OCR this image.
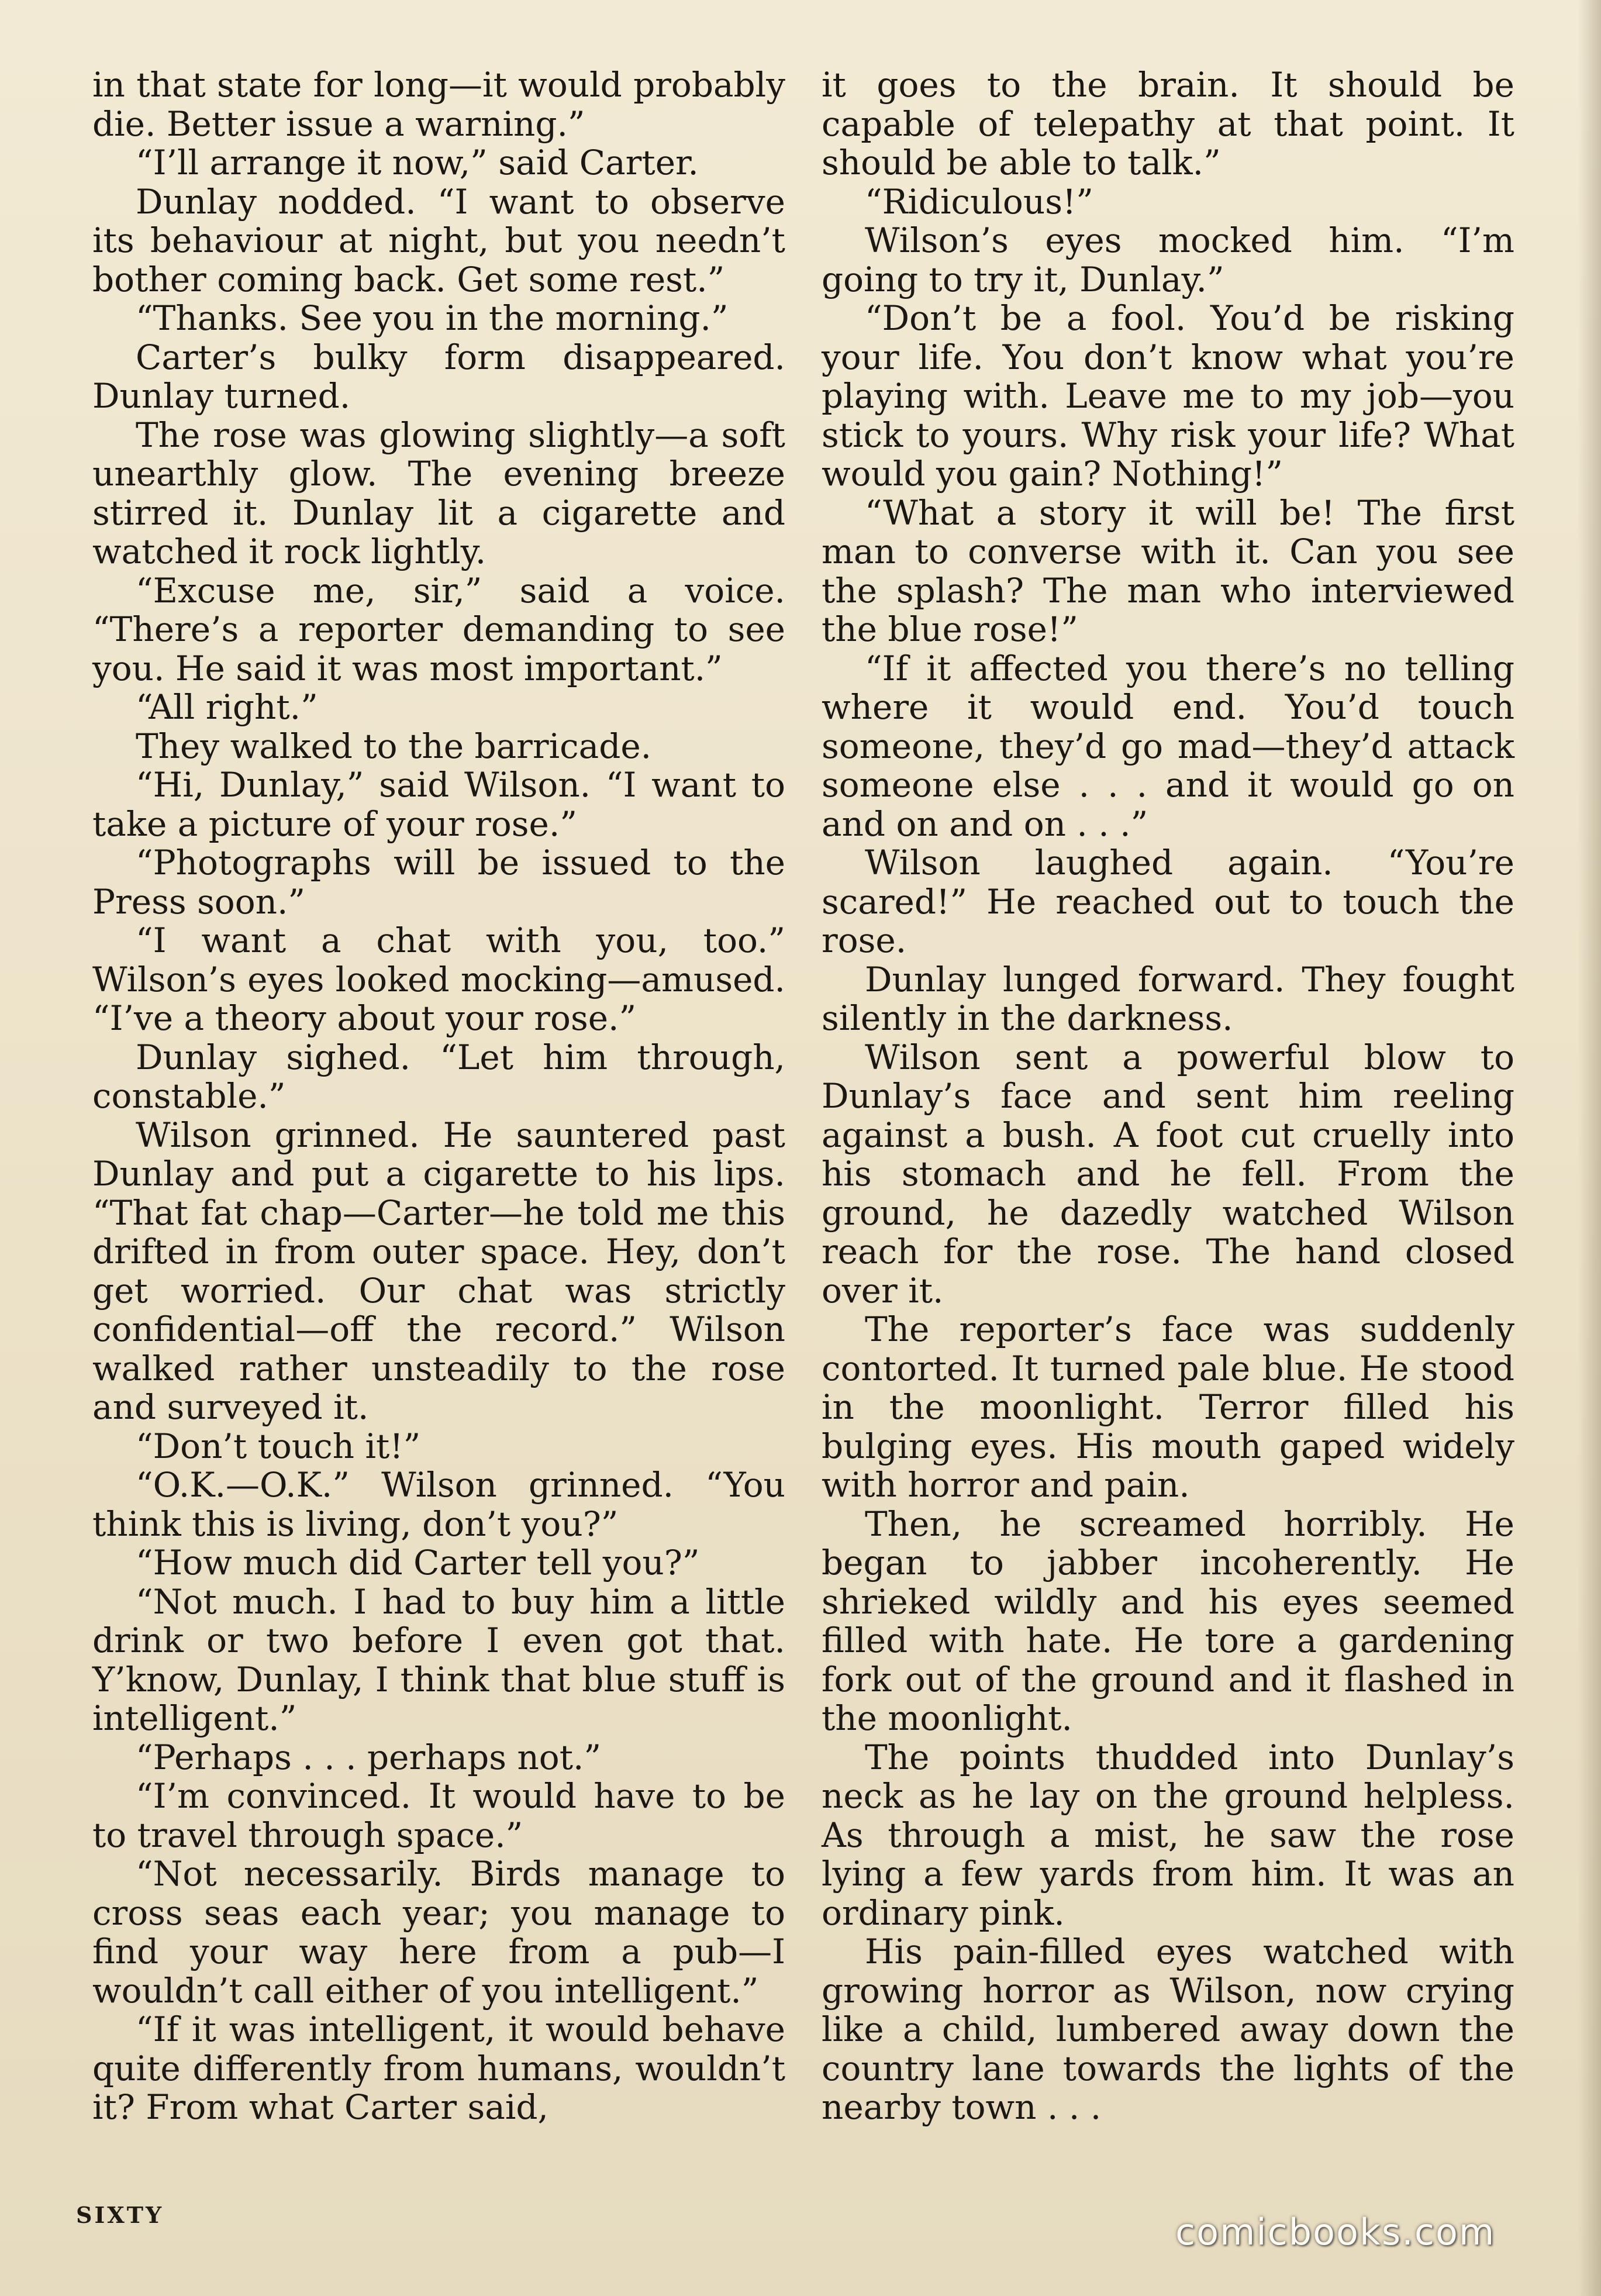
in that state for long—it would probably die. Better issue a warning.”

“I’ll arrange it now,” said Carter.

Dunlay nodded. “I want to observe its behaviour at night, but you needn’t bother coming back. Get some rest.”

“Thanks. See you in the morning.”

Carter’s bulky form disappeared. Dunlay turned.

The rose was glowing slightly—a soft unearthly glow. The evening breeze stirred it. Dunlay lit a cigarette and watched it rock lightly.

“Excuse me, sir,” said a voice. “There’s a reporter demanding to see you. He said it was most important.”

“All right.”

They walked to the barricade.

“Hi, Dunlay,” said Wilson. “I want to take a picture of your rose.”

“Photographs will be issued to the Press soon.”

“I want a chat with you, too.” Wilson’s eyes looked mocking—amused. “I’ve a theory about your rose.”

Dunlay sighed. “Let him through, constable.”

Wilson grinned. He sauntered past Dunlay and put a cigarette to his lips. “That fat chap—Carter—he told me this drifted in from outer space. Hey, don’t get worried. Our chat was strictly confidential—off the record.” Wilson walked rather unsteadily to the rose and surveyed it.

“Don’t touch it!”

“O.K.—O.K.” Wilson grinned. “You think this is living, don’t you?”

“How much did Carter tell you?”

“Not much. I had to buy him a little drink or two before I even got that. Y’know, Dunlay, I think that blue stuff is intelligent.”

“Perhaps . . . perhaps not.”

“I’m convinced. It would have to be to travel through space.”

“Not necessarily. Birds manage to cross seas each year; you manage to find your way here from a pub—I wouldn’t call either of you intelligent.”

“If it was intelligent, it would behave quite differently from humans, wouldn’t it? From what Carter said,

it goes to the brain. It should be capable of telepathy at that point. It should be able to talk.”

“Ridiculous!”

Wilson’s eyes mocked him. “I’m going to try it, Dunlay.”

“Don’t be a fool. You’d be risking your life. You don’t know what you’re playing with. Leave me to my job—you stick to yours. Why risk your life? What would you gain? Nothing!”

“What a story it will be! The first man to converse with it. Can you see the splash? The man who interviewed the blue rose!”

“If it affected you there’s no telling where it would end. You’d touch someone, they’d go mad—they’d attack someone else . . . and it would go on and on and on . . .”

Wilson laughed again. “You’re scared!” He reached out to touch the rose.

Dunlay lunged forward. They fought silently in the darkness.

Wilson sent a powerful blow to Dunlay’s face and sent him reeling against a bush. A foot cut cruelly into his stomach and he fell. From the ground, he dazedly watched Wilson reach for the rose. The hand closed over it.

The reporter’s face was suddenly contorted. It turned pale blue. He stood in the moonlight. Terror filled his bulging eyes. His mouth gaped widely with horror and pain.

Then, he screamed horribly. He began to jabber incoherently. He shrieked wildly and his eyes seemed filled with hate. He tore a gardening fork out of the ground and it flashed in the moonlight.

The points thudded into Dunlay’s neck as he lay on the ground helpless. As through a mist, he saw the rose lying a few yards from him. It was an ordinary pink.

His pain-filled eyes watched with growing horror as Wilson, now crying like a child, lumbered away down the country lane towards the lights of the nearby town . . .

SIXTY	comicbooks.com
